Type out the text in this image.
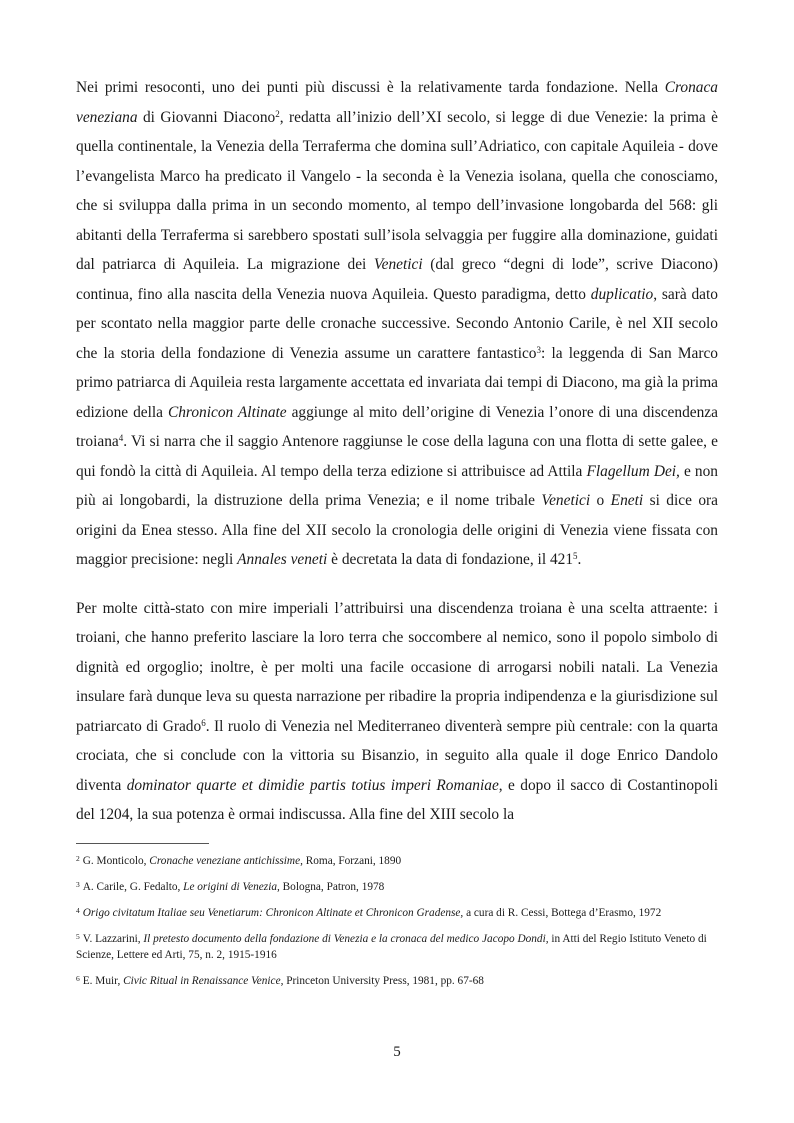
Nei primi resoconti, uno dei punti più discussi è la relativamente tarda fondazione. Nella Cronaca veneziana di Giovanni Diacono$^2$, redatta all’inizio dell’XI secolo, si legge di due Venezie: la prima è quella continentale, la Venezia della Terraferma che domina sull’Adriatico, con capitale Aquileia - dove l’evangelista Marco ha predicato il Vangelo - la seconda è la Venezia isolana, quella che conosciamo, che si sviluppa dalla prima in un secondo momento, al tempo dell’invasione longobarda del 568: gli abitanti della Terraferma si sarebbero spostati sull’isola selvaggia per fuggire alla dominazione, guidati dal patriarca di Aquileia. La migrazione dei Venetici (dal greco “degni di lode”, scrive Diacono) continua, fino alla nascita della Venezia nuova Aquileia. Questo paradigma, detto duplicatio, sarà dato per scontato nella maggior parte delle cronache successive. Secondo Antonio Carile, è nel XII secolo che la storia della fondazione di Venezia assume un carattere fantastico$^3$: la leggenda di San Marco primo patriarca di Aquileia resta largamente accettata ed invariata dai tempi di Diacono, ma già la prima edizione della Chronicon Altinate aggiunge al mito dell’origine di Venezia l’onore di una discendenza troiana$^4$. Vi si narra che il saggio Antenore raggiunse le cose della laguna con una flotta di sette galee, e qui fondò la città di Aquileia. Al tempo della terza edizione si attribuisce ad Attila Flagellum Dei, e non più ai longobardi, la distruzione della prima Venezia; e il nome tribale Venetici o Eneti si dice ora origini da Enea stesso. Alla fine del XII secolo la cronologia delle origini di Venezia viene fissata con maggior precisione: negli Annales veneti è decretata la data di fondazione, il $421^5$.

Per molte città-stato con mire imperiali l’attribuirsi una discendenza troiana è una scelta attraente: i troiani, che hanno preferito lasciare la loro terra che soccombere al nemico, sono il popolo simbolo di dignità ed orgoglio; inoltre, è per molti una facile occasione di arrogarsi nobili natali. La Venezia insulare farà dunque leva su questa narrazione per ribadire la propria indipendenza e la giurisdizione sul patriarcato di Grado$^6$. Il ruolo di Venezia nel Mediterraneo diventerà sempre più centrale: con la quarta crociata, che si conclude con la vittoria su Bisanzio, in seguito alla quale il doge Enrico Dandolo diventa dominator quarte et dimidie partis totius imperi Romaniae, e dopo il sacco di Costantinopoli del 1204, la sua potenza è ormai indiscussa. Alla fine del XIII secolo la

$^2$ G. Monticolo, Cronache veneziane antichissime, Roma, Forzani, 1890

$^3$ A. Carile, G. Fedalto, Le origini di Venezia, Bologna, Patron, 1978

$^4$ Origo civitatum Italiae seu Venetiarum: Chronicon Altinate et Chronicon Gradense, a cura di R. Cessi, Bottega d’Erasmo, 1972

$^5$ V. Lazzarini, Il pretesto documento della fondazione di Venezia e la cronaca del medico Jacopo Dondi, in Atti del Regio Istituto Veneto di Scienze, Lettere ed Arti, 75, n. 2, 1915-1916

$^6$ E. Muir, Civic Ritual in Renaissance Venice, Princeton University Press, 1981, pp. 67-68

5
